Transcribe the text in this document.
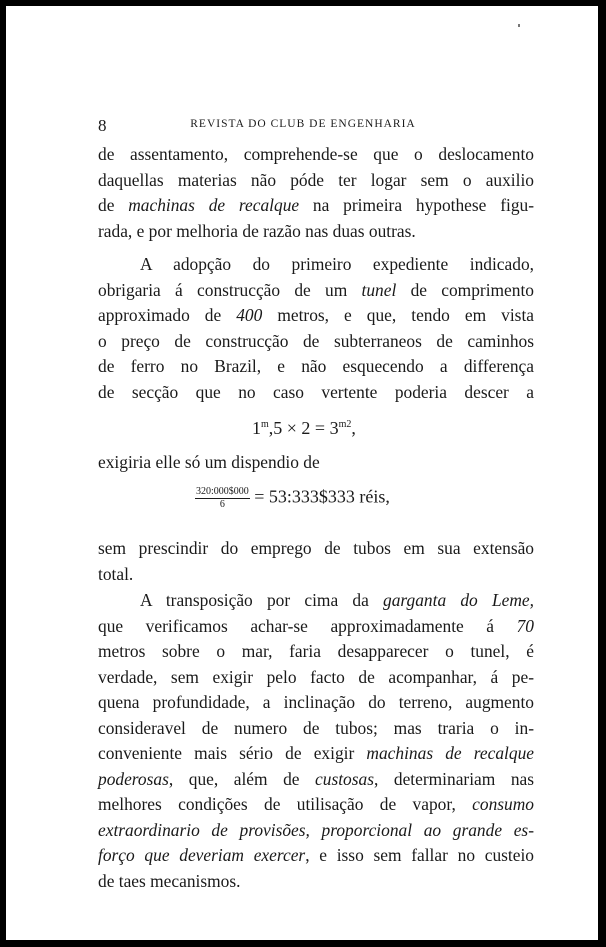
8	REVISTA DO CLUB DE ENGENHARIA
de assentamento, comprehende-se que o deslocamento
daquellas materias não póde ter logar sem o auxilio
de machinas de recalque na primeira hypothese figu-
rada, e por melhoria de razão nas duas outras.
A adopção do primeiro expediente indicado,
obrigaria á construcção de um tunel de comprimento
approximado de 400 metros, e que, tendo em vista
o preço de construcção de subterraneos de caminhos
de ferro no Brazil, e não esquecendo a differença
de secção que no caso vertente poderia descer a
$1^m,5 \times 2 = 3^{m2}$,
exigiria elle só um dispendio de
$\frac{320:000\$000}{6}$ = 53:333$333 réis,
sem prescindir do emprego de tubos em sua extensão
total.
A transposição por cima da garganta do Leme,
que verificamos achar-se approximadamente á 70
metros sobre o mar, faria desapparecer o tunel, é
verdade, sem exigir pelo facto de acompanhar, á pe-
quena profundidade, a inclinação do terreno, augmento
consideravel de numero de tubos; mas traria o in-
conveniente mais sério de exigir machinas de recalque
poderosas, que, além de custosas, determinariam nas
melhores condições de utilisação de vapor, consumo
extraordinario de provisões, proporcional ao grande es-
forço que deveriam exercer, e isso sem fallar no custeio
de taes mecanismos.
